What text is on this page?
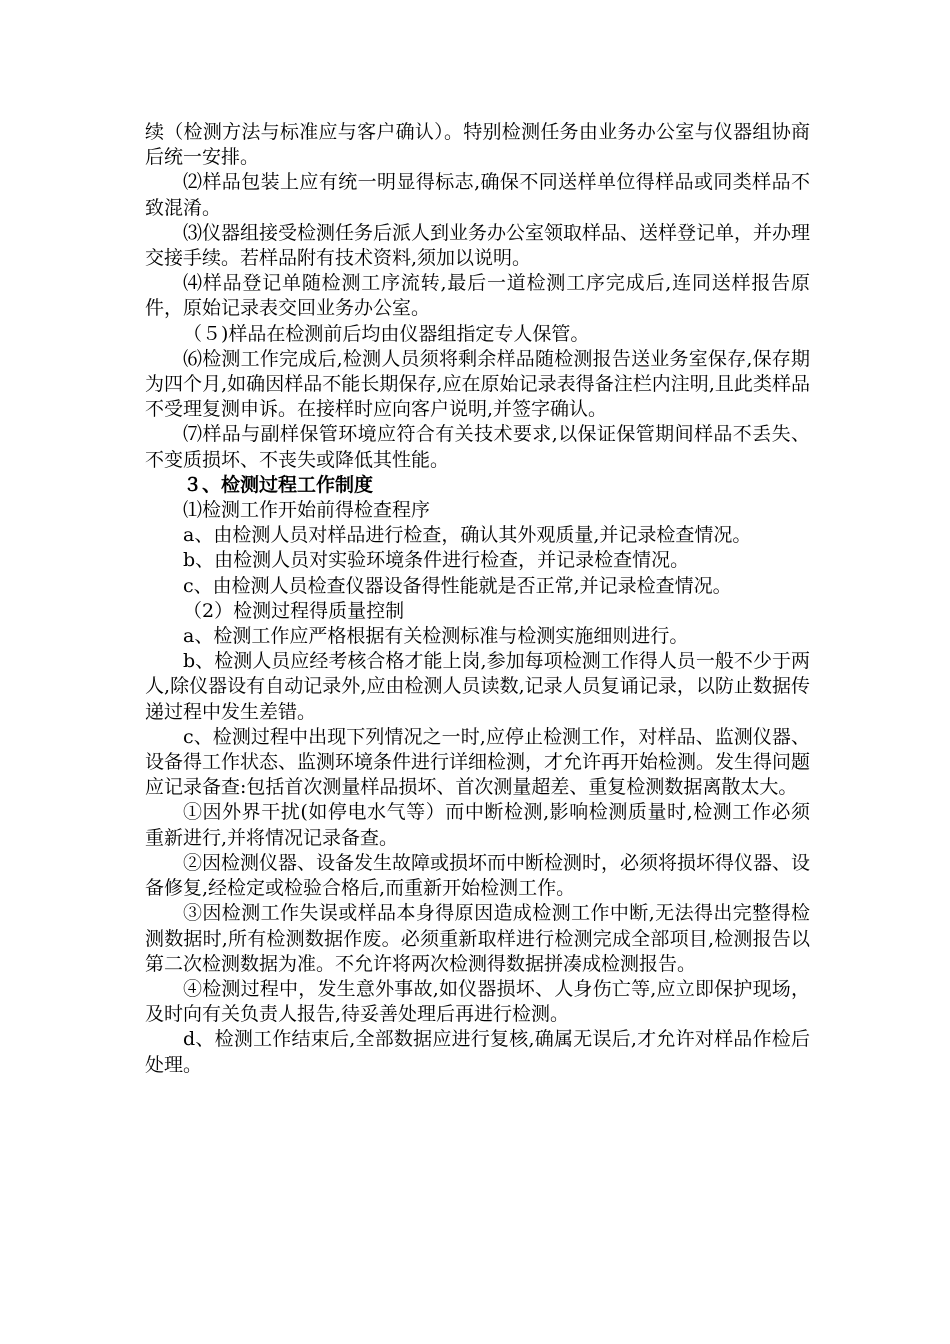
续（检测方法与标准应与客户确认）。特别检测任务由业务办公室与仪器组协商后统一安排。

⑵样品包装上应有统一明显得标志,确保不同送样单位得样品或同类样品不致混淆。

⑶仪器组接受检测任务后派人到业务办公室领取样品、送样登记单，并办理交接手续。若样品附有技术资料,须加以说明。

⑷样品登记单随检测工序流转,最后一道检测工序完成后,连同送样报告原件，原始记录表交回业务办公室。

（５)样品在检测前后均由仪器组指定专人保管。

⑹检测工作完成后,检测人员须将剩余样品随检测报告送业务室保存,保存期为四个月,如确因样品不能长期保存,应在原始记录表得备注栏内注明,且此类样品不受理复测申诉。在接样时应向客户说明,并签字确认。

⑺样品与副样保管环境应符合有关技术要求,以保证保管期间样品不丢失、不变质损坏、不丧失或降低其性能。

３、检测过程工作制度

⑴检测工作开始前得检查程序

a、由检测人员对样品进行检查，确认其外观质量,并记录检查情况。

b、由检测人员对实验环境条件进行检查，并记录检查情况。

c、由检测人员检查仪器设备得性能就是否正常,并记录检查情况。

（2）检测过程得质量控制

a、检测工作应严格根据有关检测标准与检测实施细则进行。

b、检测人员应经考核合格才能上岗,参加每项检测工作得人员一般不少于两人,除仪器设有自动记录外,应由检测人员读数,记录人员复诵记录，以防止数据传递过程中发生差错。

c、检测过程中出现下列情况之一时,应停止检测工作，对样品、监测仪器、设备得工作状态、监测环境条件进行详细检测，才允许再开始检测。发生得问题应记录备查:包括首次测量样品损坏、首次测量超差、重复检测数据离散太大。

①因外界干扰(如停电水气等）而中断检测,影响检测质量时,检测工作必须重新进行,并将情况记录备查。

②因检测仪器、设备发生故障或损坏而中断检测时，必须将损坏得仪器、设备修复,经检定或检验合格后,而重新开始检测工作。

③因检测工作失误或样品本身得原因造成检测工作中断,无法得出完整得检测数据时,所有检测数据作废。必须重新取样进行检测完成全部项目,检测报告以第二次检测数据为准。不允许将两次检测得数据拼凑成检测报告。

④检测过程中，发生意外事故,如仪器损坏、人身伤亡等,应立即保护现场，及时向有关负责人报告,待妥善处理后再进行检测。

d、检测工作结束后,全部数据应进行复核,确属无误后,才允许对样品作检后处理。
